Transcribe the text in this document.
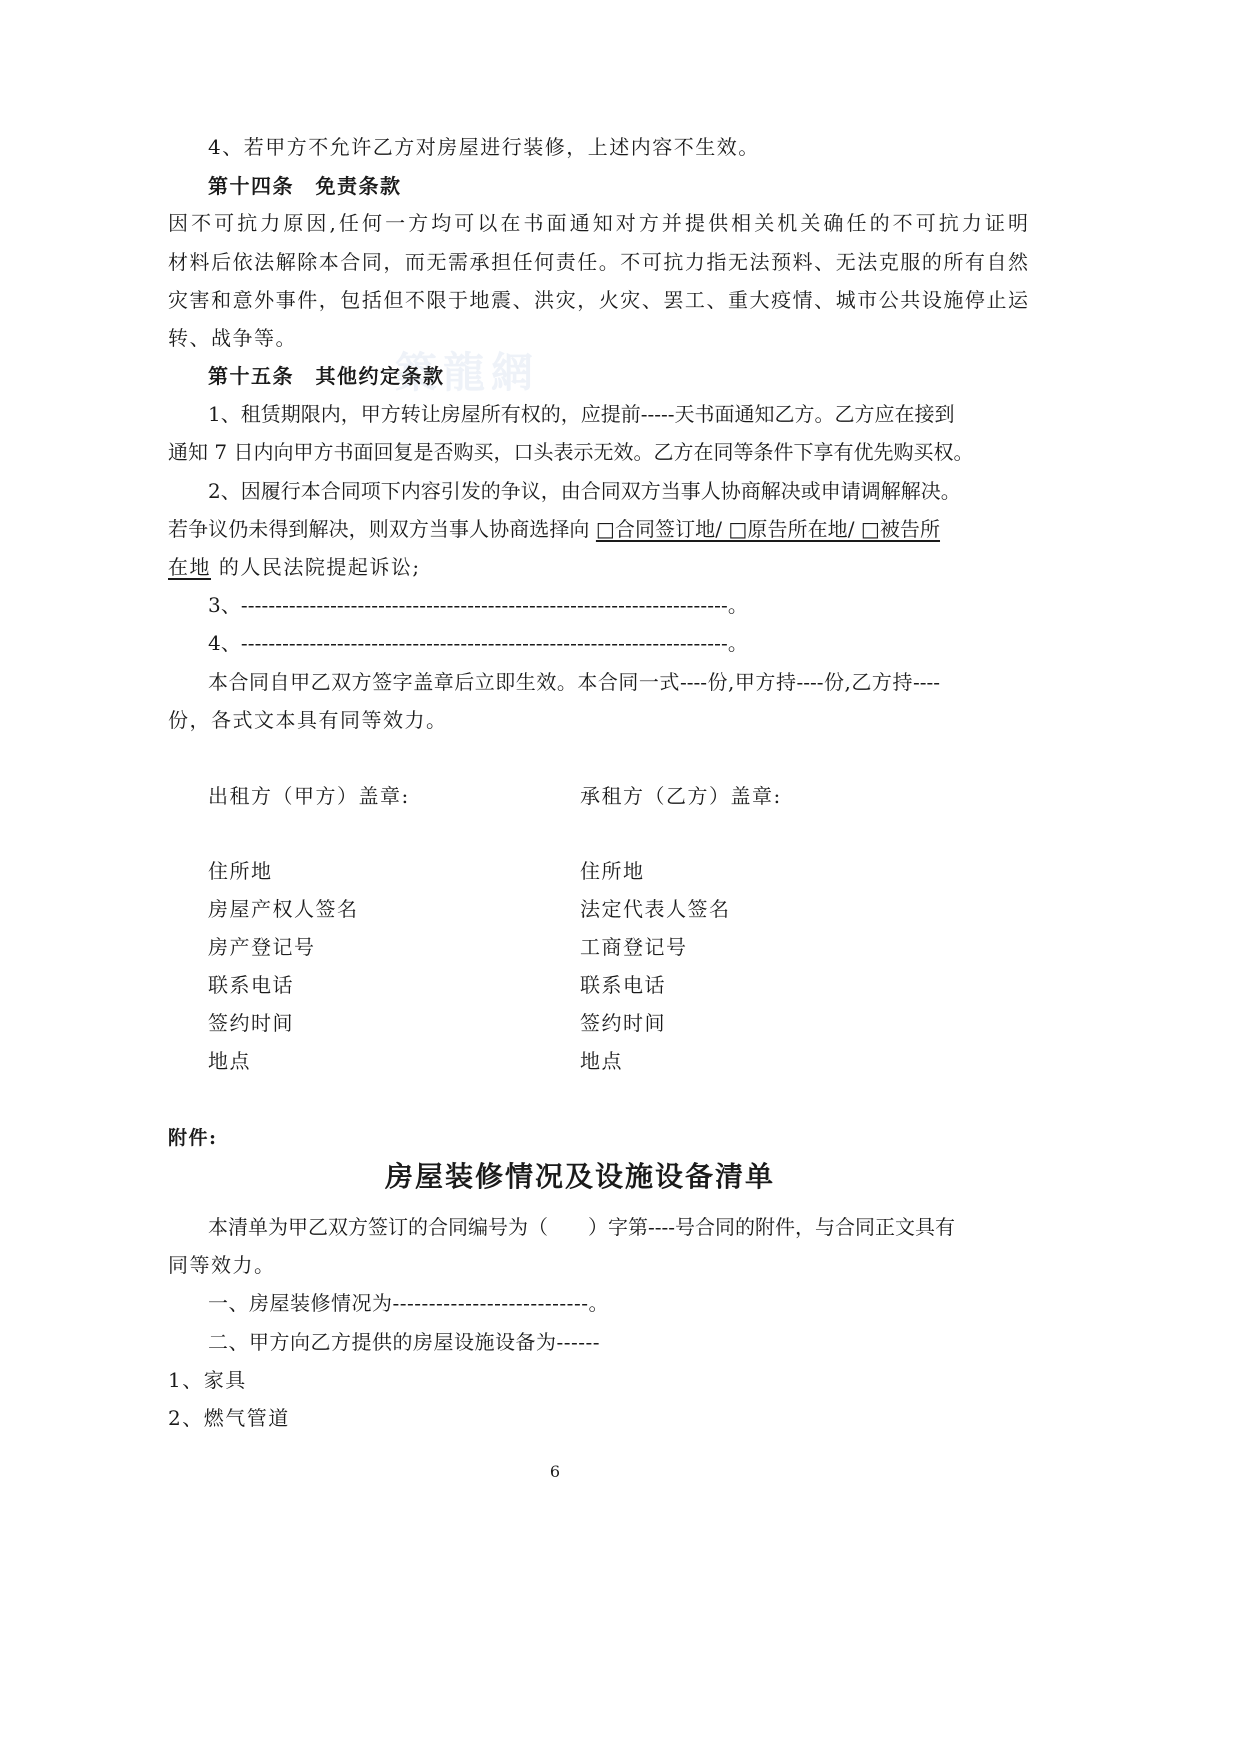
築龍網
4、若甲方不允许乙方对房屋进行装修，上述内容不生效。
第十四条　免责条款
因不可抗力原因,任何一方均可以在书面通知对方并提供相关机关确任的不可抗力证明
材料后依法解除本合同，而无需承担任何责任。不可抗力指无法预料、无法克服的所有自然
灾害和意外事件，包括但不限于地震、洪灾，火灾、罢工、重大疫情、城市公共设施停止运
转、战争等。
第十五条　其他约定条款
1、租赁期限内，甲方转让房屋所有权的，应提前-----天书面通知乙方。乙方应在接到
通知 7 日内向甲方书面回复是否购买，口头表示无效。乙方在同等条件下享有优先购买权。
2、因履行本合同项下内容引发的争议，由合同双方当事人协商解决或申请调解解决。
若争议仍未得到解决，则双方当事人协商选择向 □合同签订地/ □原告所在地/ □被告所
在地 的人民法院提起诉讼;
3、-----------------------------------------------------------------------。
4、-----------------------------------------------------------------------。
本合同自甲乙双方签字盖章后立即生效。本合同一式----份,甲方持----份,乙方持----
份，各式文本具有同等效力。
出租方（甲方）盖章:	承租方（乙方）盖章:
住所地
房屋产权人签名
房产登记号
联系电话
签约时间
地点
住所地
法定代表人签名
工商登记号
联系电话
签约时间
地点
附件:
房屋装修情况及设施设备清单
本清单为甲乙双方签订的合同编号为（　　）字第----号合同的附件，与合同正文具有
同等效力。
一、房屋装修情况为---------------------------。
二、甲方向乙方提供的房屋设施设备为------
1、家具
2、燃气管道
6
